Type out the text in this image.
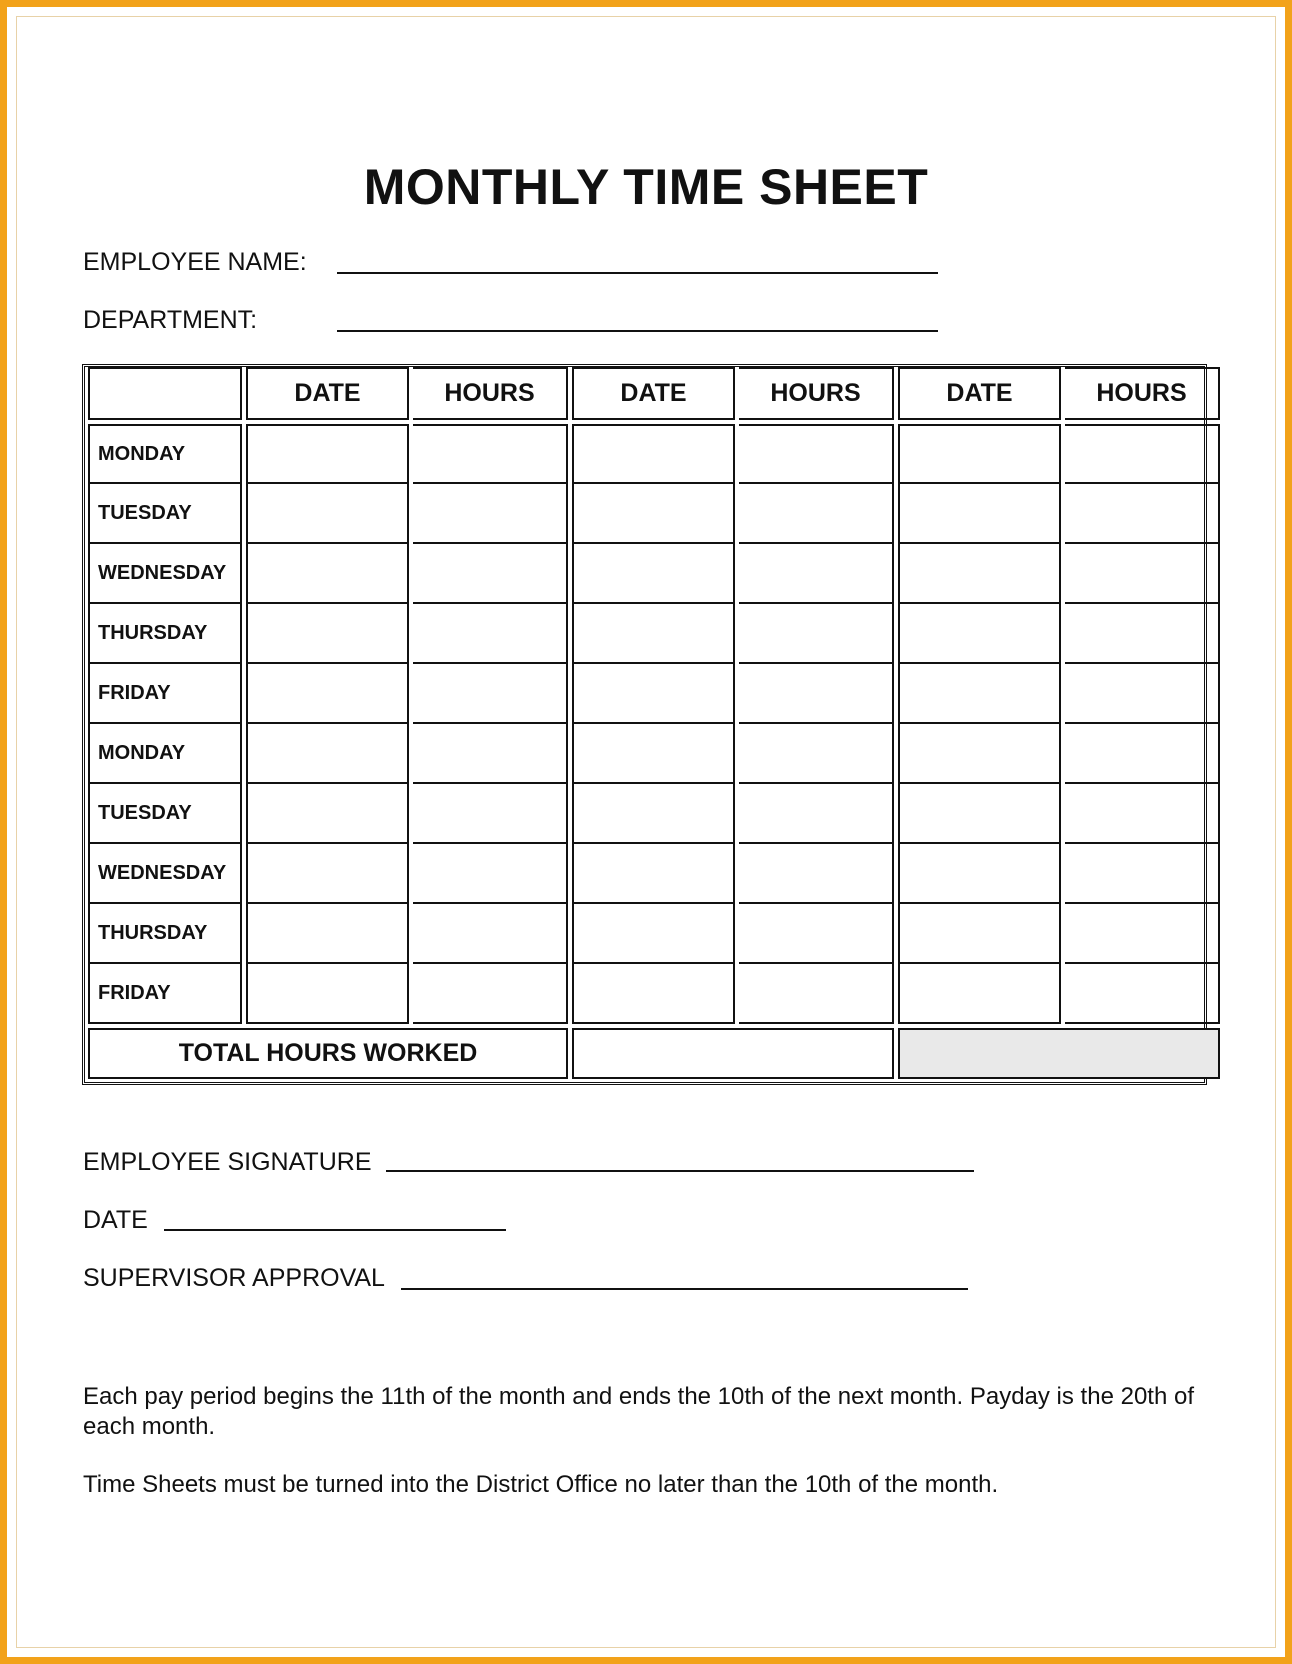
MONTHLY TIME SHEET
EMPLOYEE NAME:
DEPARTMENT:
	DATE	HOURS	DATE	HOURS	DATE	HOURS

MONDAY						
TUESDAY						
WEDNESDAY						
THURSDAY						
FRIDAY						
MONDAY						
TUESDAY						
WEDNESDAY						
THURSDAY						
FRIDAY						

TOTAL HOURS WORKED						
EMPLOYEE SIGNATURE
DATE
SUPERVISOR APPROVAL
Each pay period begins the 11th of the month and ends the 10th of the next month. Payday is the 20th of each month.
Time Sheets must be turned into the District Office no later than the 10th of the month.
